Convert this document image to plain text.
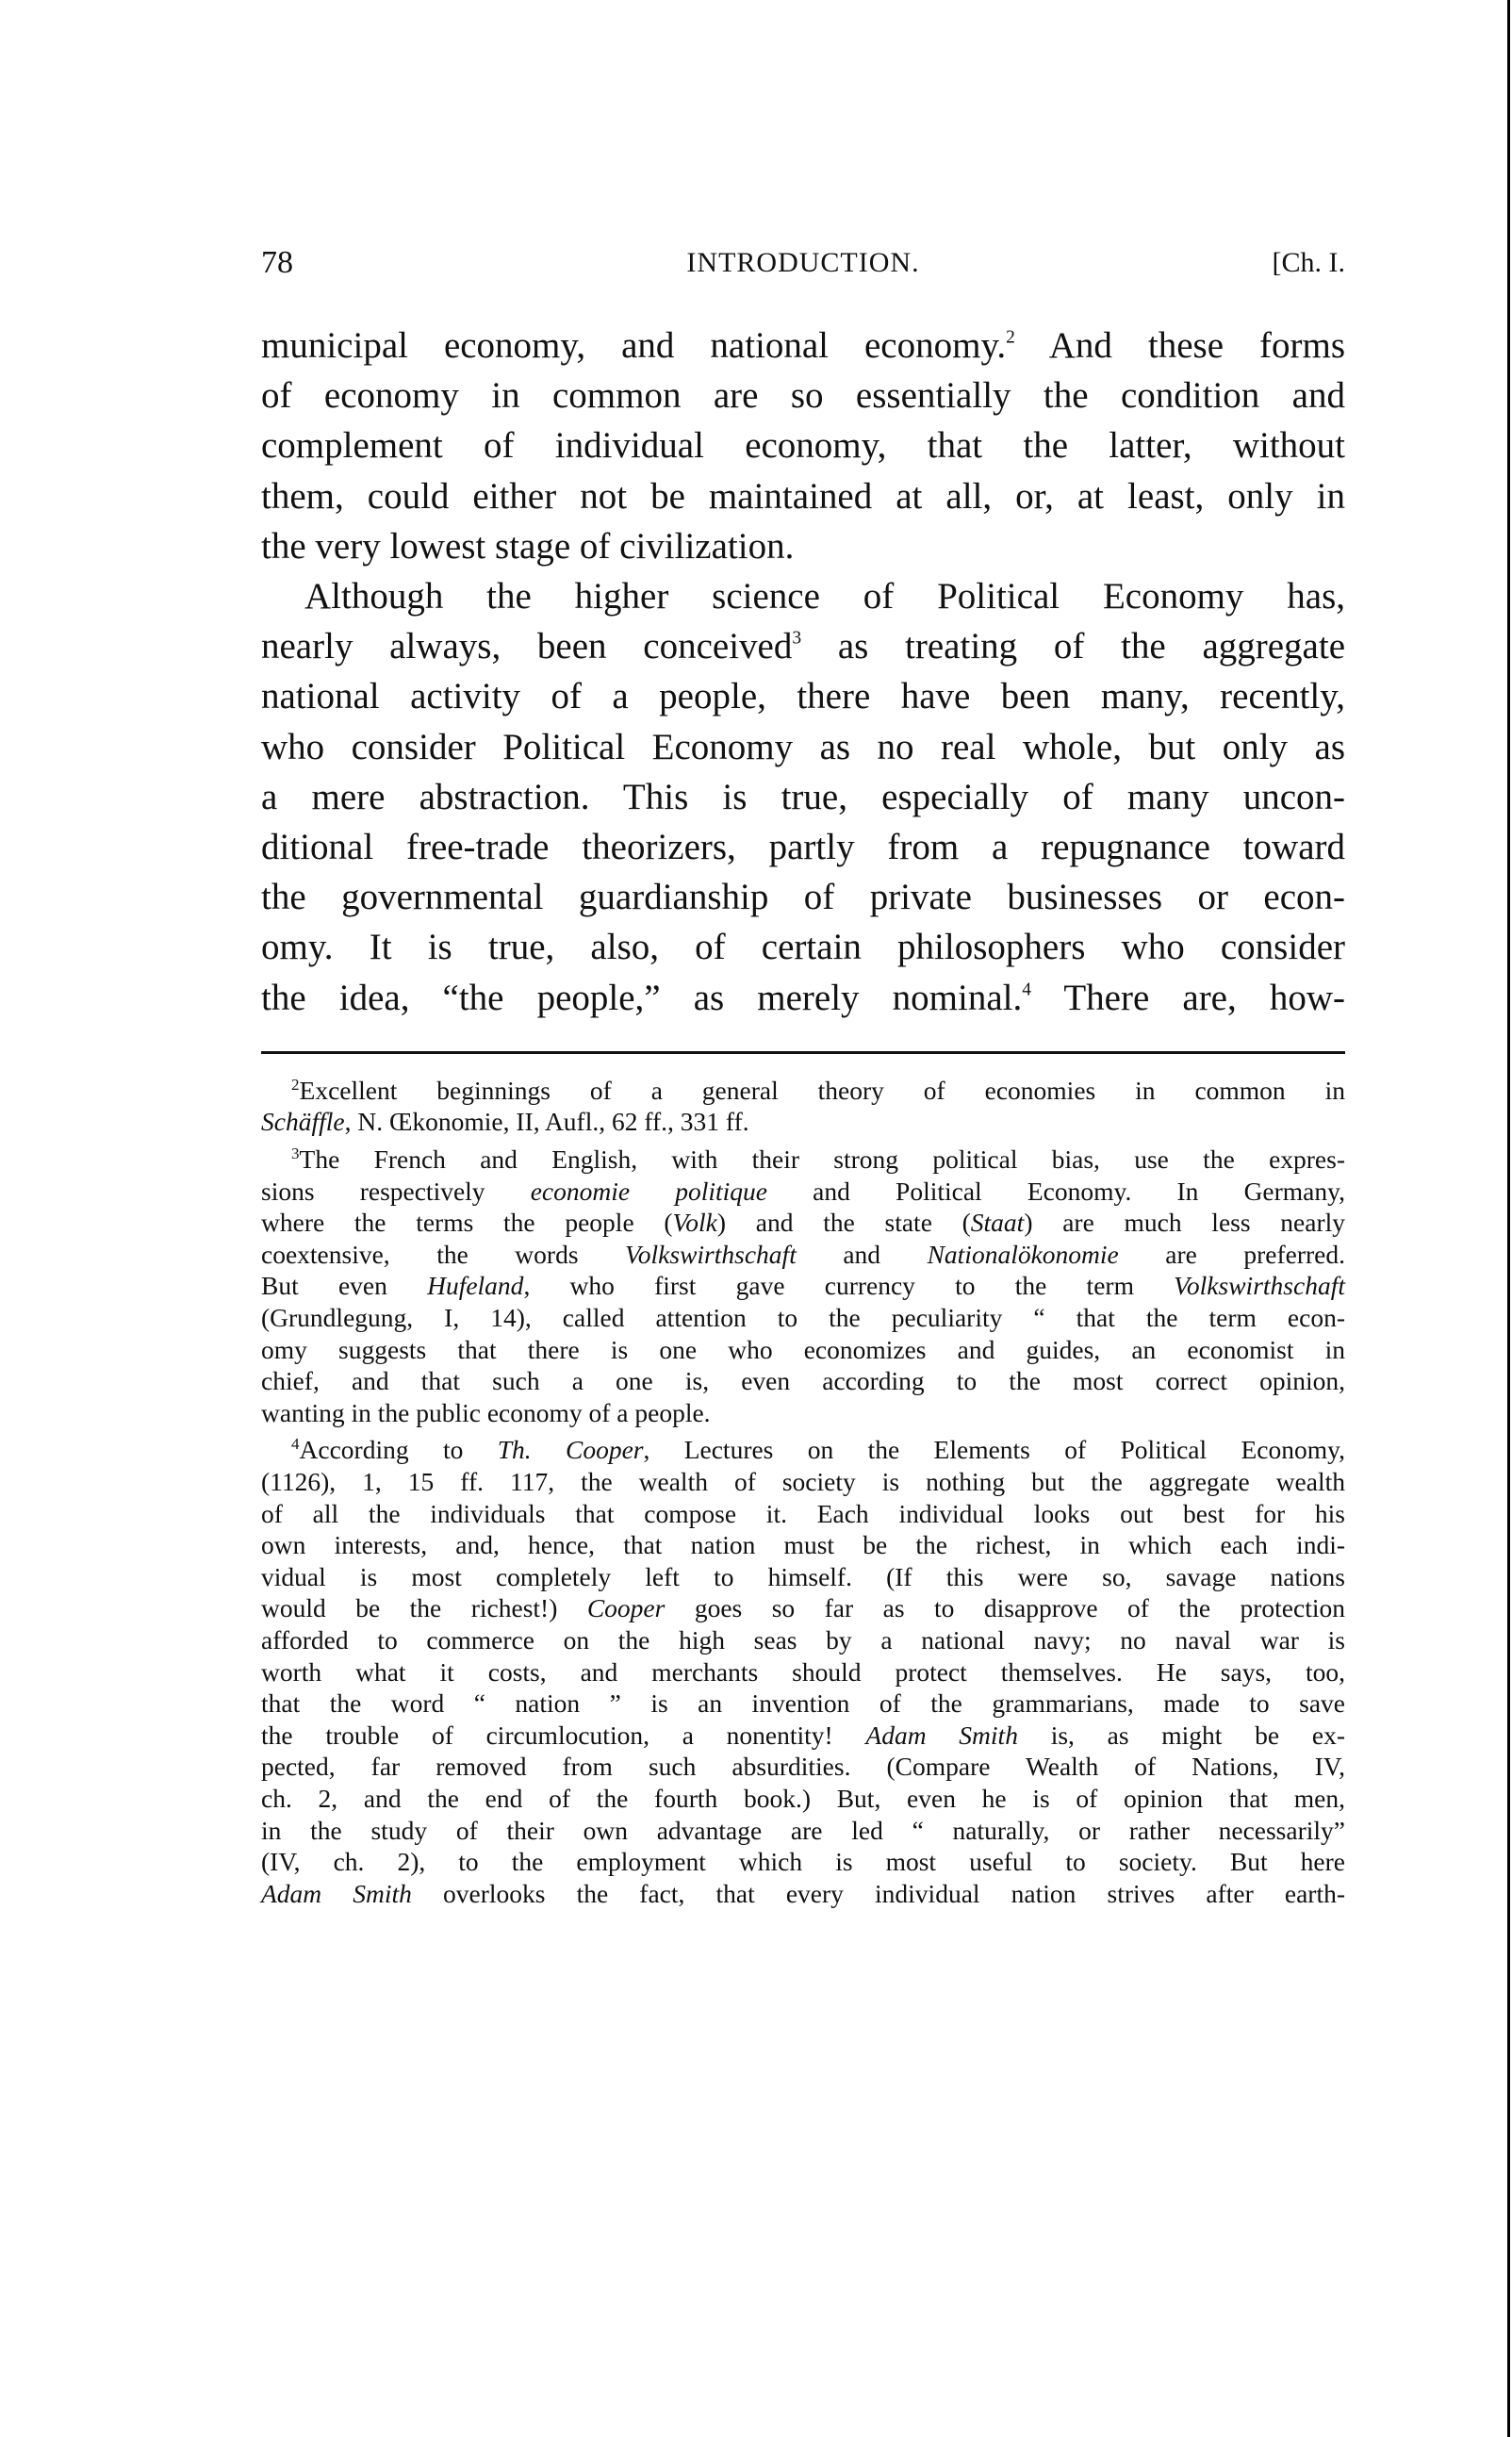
78	INTRODUCTION.	[Ch. I.

municipal economy, and national economy.$^2$ And these forms
of economy in common are so essentially the condition and
complement of individual economy, that the latter, without
them, could either not be maintained at all, or, at least, only in
the very lowest stage of civilization.

Although the higher science of Political Economy has,
nearly always, been conceived$^3$ as treating of the aggregate
national activity of a people, there have been many, recently,
who consider Political Economy as no real whole, but only as
a mere abstraction. This is true, especially of many uncon-
ditional free-trade theorizers, partly from a repugnance toward
the governmental guardianship of private businesses or econ-
omy. It is true, also, of certain philosophers who consider
the idea, “the people,” as merely nominal.$^4$ There are, how-

$^2$Excellent beginnings of a general theory of economies in common in
Schäffle, N. Œkonomie, II, Aufl., 62 ff., 331 ff.
$^3$The French and English, with their strong political bias, use the expres-
sions respectively economie politique and Political Economy. In Germany,
where the terms the people (Volk) and the state (Staat) are much less nearly
coextensive, the words Volkswirthschaft and Nationalökonomie are preferred.
But even Hufeland, who first gave currency to the term Volkswirthschaft
(Grundlegung, I, 14), called attention to the peculiarity “ that the term econ-
omy suggests that there is one who economizes and guides, an economist in
chief, and that such a one is, even according to the most correct opinion,
wanting in the public economy of a people.
$^4$According to Th. Cooper, Lectures on the Elements of Political Economy,
(1126), 1, 15 ff. 117, the wealth of society is nothing but the aggregate wealth
of all the individuals that compose it. Each individual looks out best for his
own interests, and, hence, that nation must be the richest, in which each indi-
vidual is most completely left to himself. (If this were so, savage nations
would be the richest!) Cooper goes so far as to disapprove of the protection
afforded to commerce on the high seas by a national navy; no naval war is
worth what it costs, and merchants should protect themselves. He says, too,
that the word “ nation ” is an invention of the grammarians, made to save
the trouble of circumlocution, a nonentity! Adam Smith is, as might be ex-
pected, far removed from such absurdities. (Compare Wealth of Nations, IV,
ch. 2, and the end of the fourth book.) But, even he is of opinion that men,
in the study of their own advantage are led “ naturally, or rather necessarily”
(IV, ch. 2), to the employment which is most useful to society. But here
Adam Smith overlooks the fact, that every individual nation strives after earth-
